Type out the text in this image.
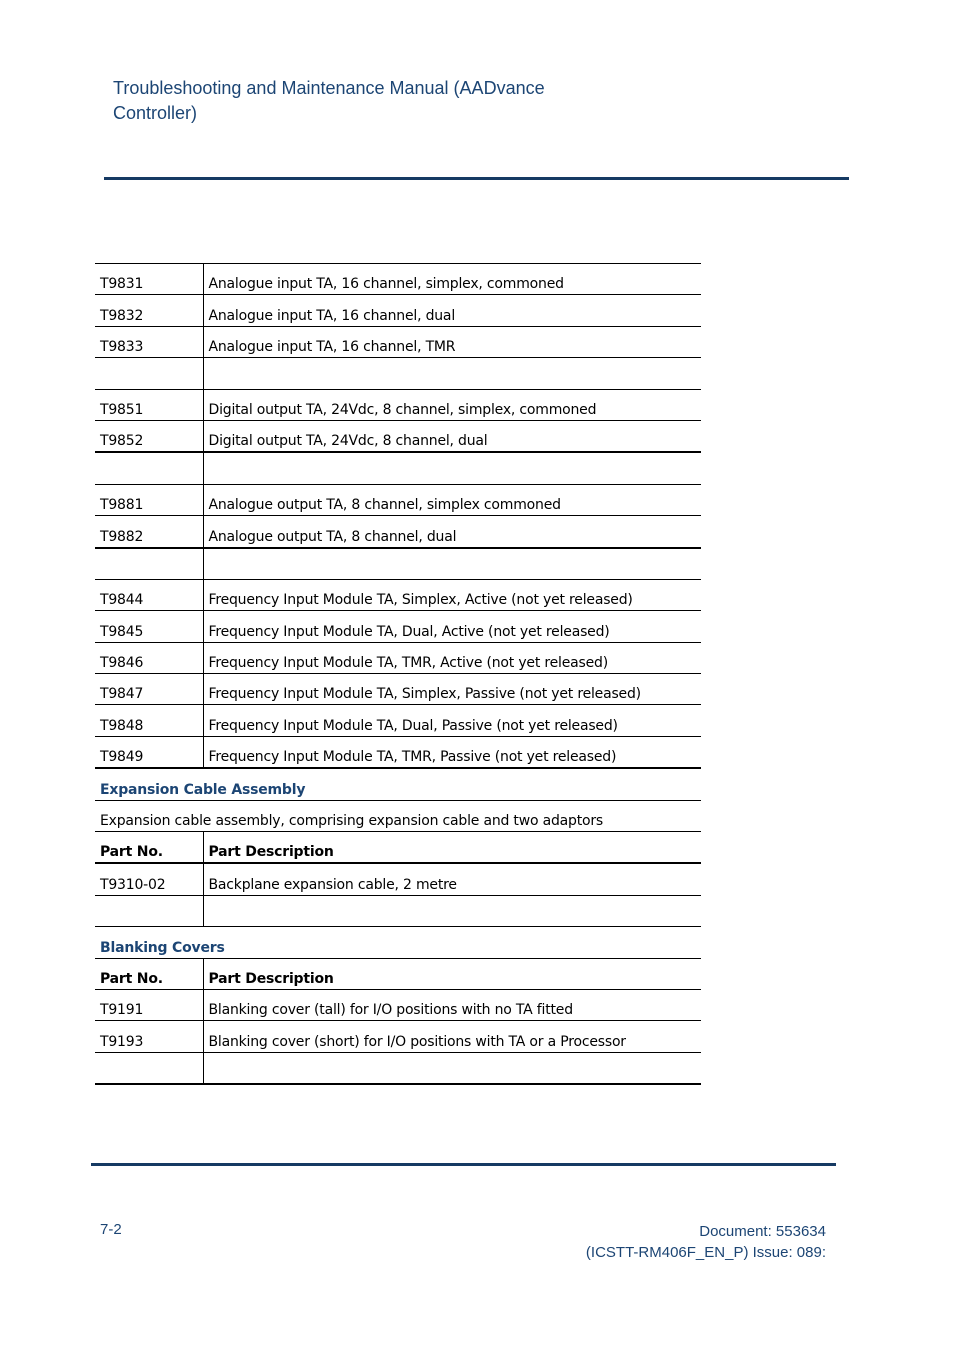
Troubleshooting and Maintenance Manual (AADvance Controller)
T9831	Analogue input TA, 16 channel, simplex, commoned
T9832	Analogue input TA, 16 channel, dual
T9833	Analogue input TA, 16 channel, TMR

T9851	Digital output TA, 24Vdc, 8 channel, simplex, commoned
T9852	Digital output TA, 24Vdc, 8 channel, dual

T9881	Analogue output TA, 8 channel, simplex commoned
T9882	Analogue output TA, 8 channel, dual

T9844	Frequency Input Module TA, Simplex, Active (not yet released)
T9845	Frequency Input Module TA, Dual, Active (not yet released)
T9846	Frequency Input Module TA, TMR, Active (not yet released)
T9847	Frequency Input Module TA, Simplex, Passive (not yet released)
T9848	Frequency Input Module TA, Dual, Passive (not yet released)
T9849	Frequency Input Module TA, TMR, Passive (not yet released)
Expansion Cable Assembly	
Expansion cable assembly, comprising expansion cable and two adaptors	
Part No.	Part Description
T9310-02	Backplane expansion cable, 2 metre

Blanking Covers	
Part No.	Part Description
T9191	Blanking cover (tall) for I/O positions with no TA fitted
T9193	Blanking cover (short) for I/O positions with TA or a Processor

7-2	Document: 553634
(ICSTT-RM406F_EN_P) Issue: 089:
